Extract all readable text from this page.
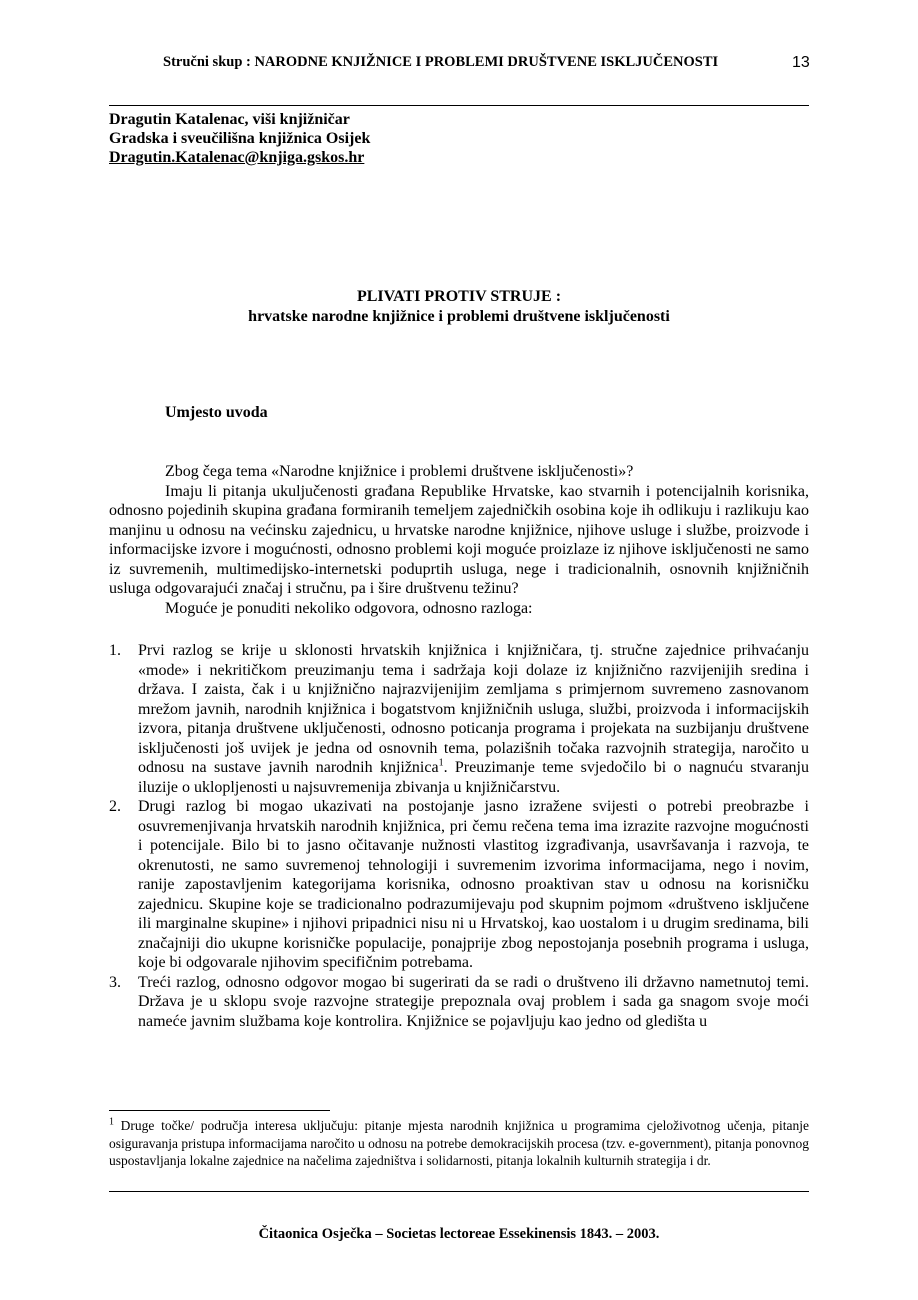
Stručni skup : NARODNE KNJIŽNICE I PROBLEMI DRUŠTVENE ISKLJUČENOSTI	13
Dragutin Katalenac, viši knjižničar
Gradska i sveučilišna knjižnica Osijek
Dragutin.Katalenac@knjiga.gskos.hr
PLIVATI PROTIV STRUJE :
hrvatske narodne knjižnice i problemi društvene isključenosti
Umjesto uvoda

Zbog čega tema «Narodne knjižnice i problemi društvene isključenosti»?

Imaju li pitanja ukuljučenosti građana Republike Hrvatske, kao stvarnih i potencijalnih korisnika, odnosno pojedinih skupina građana formiranih temeljem zajedničkih osobina koje ih odlikuju i razlikuju kao manjinu u odnosu na većinsku zajednicu, u hrvatske narodne knjižnice, njihove usluge i službe, proizvode i informacijske izvore i mogućnosti, odnosno problemi koji moguće proizlaze iz njihove isključenosti ne samo iz suvremenih, multimedijsko-internetski poduprtih usluga, nege i tradicionalnih, osnovnih knjižničnih usluga odgovarajući značaj i stručnu, pa i šire društvenu težinu?

Moguće je ponuditi nekoliko odgovora, odnosno razloga:

1. Prvi razlog se krije u sklonosti hrvatskih knjižnica i knjižničara, tj. stručne zajednice prihvaćanju «mode» i nekritičkom preuzimanju tema i sadržaja koji dolaze iz knjižnično razvijenijih sredina i država. I zaista, čak i u knjižnično najrazvijenijim zemljama s primjernom suvremeno zasnovanom mrežom javnih, narodnih knjižnica i bogatstvom knjižničnih usluga, službi, proizvoda i informacijskih izvora, pitanja društvene uključenosti, odnosno poticanja programa i projekata na suzbijanju društvene isključenosti još uvijek je jedna od osnovnih tema, polazišnih točaka razvojnih strategija, naročito u odnosu na sustave javnih narodnih knjižnica$^1$. Preuzimanje teme svjedočilo bi o nagnuću stvaranju iluzije o uklopljenosti u najsuvremenija zbivanja u knjižničarstvu.
2. Drugi razlog bi mogao ukazivati na postojanje jasno izražene svijesti o potrebi preobrazbe i osuvremenjivanja hrvatskih narodnih knjižnica, pri čemu rečena tema ima izrazite razvojne mogućnosti i potencijale. Bilo bi to jasno očitavanje nužnosti vlastitog izgrađivanja, usavršavanja i razvoja, te okrenutosti, ne samo suvremenoj tehnologiji i suvremenim izvorima informacijama, nego i novim, ranije zapostavljenim kategorijama korisnika, odnosno proaktivan stav u odnosu na korisničku zajednicu. Skupine koje se tradicionalno podrazumijevaju pod skupnim pojmom «društveno isključene ili marginalne skupine» i njihovi pripadnici nisu ni u Hrvatskoj, kao uostalom i u drugim sredinama, bili značajniji dio ukupne korisničke populacije, ponajprije zbog nepostojanja posebnih programa i usluga, koje bi odgovarale njihovim specifičnim potrebama.
3. Treći razlog, odnosno odgovor mogao bi sugerirati da se radi o društveno ili državno nametnutoj temi. Država je u sklopu svoje razvojne strategije prepoznala ovaj problem i sada ga snagom svoje moći nameće javnim službama koje kontrolira. Knjižnice se pojavljuju kao jedno od gledišta u
$^1$ Druge točke/ područja interesa uključuju: pitanje mjesta narodnih knjižnica u programima cjeloživotnog učenja, pitanje osiguravanja pristupa informacijama naročito u odnosu na potrebe demokracijskih procesa (tzv. e-government), pitanja ponovnog uspostavljanja lokalne zajednice na načelima zajedništva i solidarnosti, pitanja lokalnih kulturnih strategija i dr.
Čitaonica Osječka – Societas lectoreae Essekinensis 1843. – 2003.
